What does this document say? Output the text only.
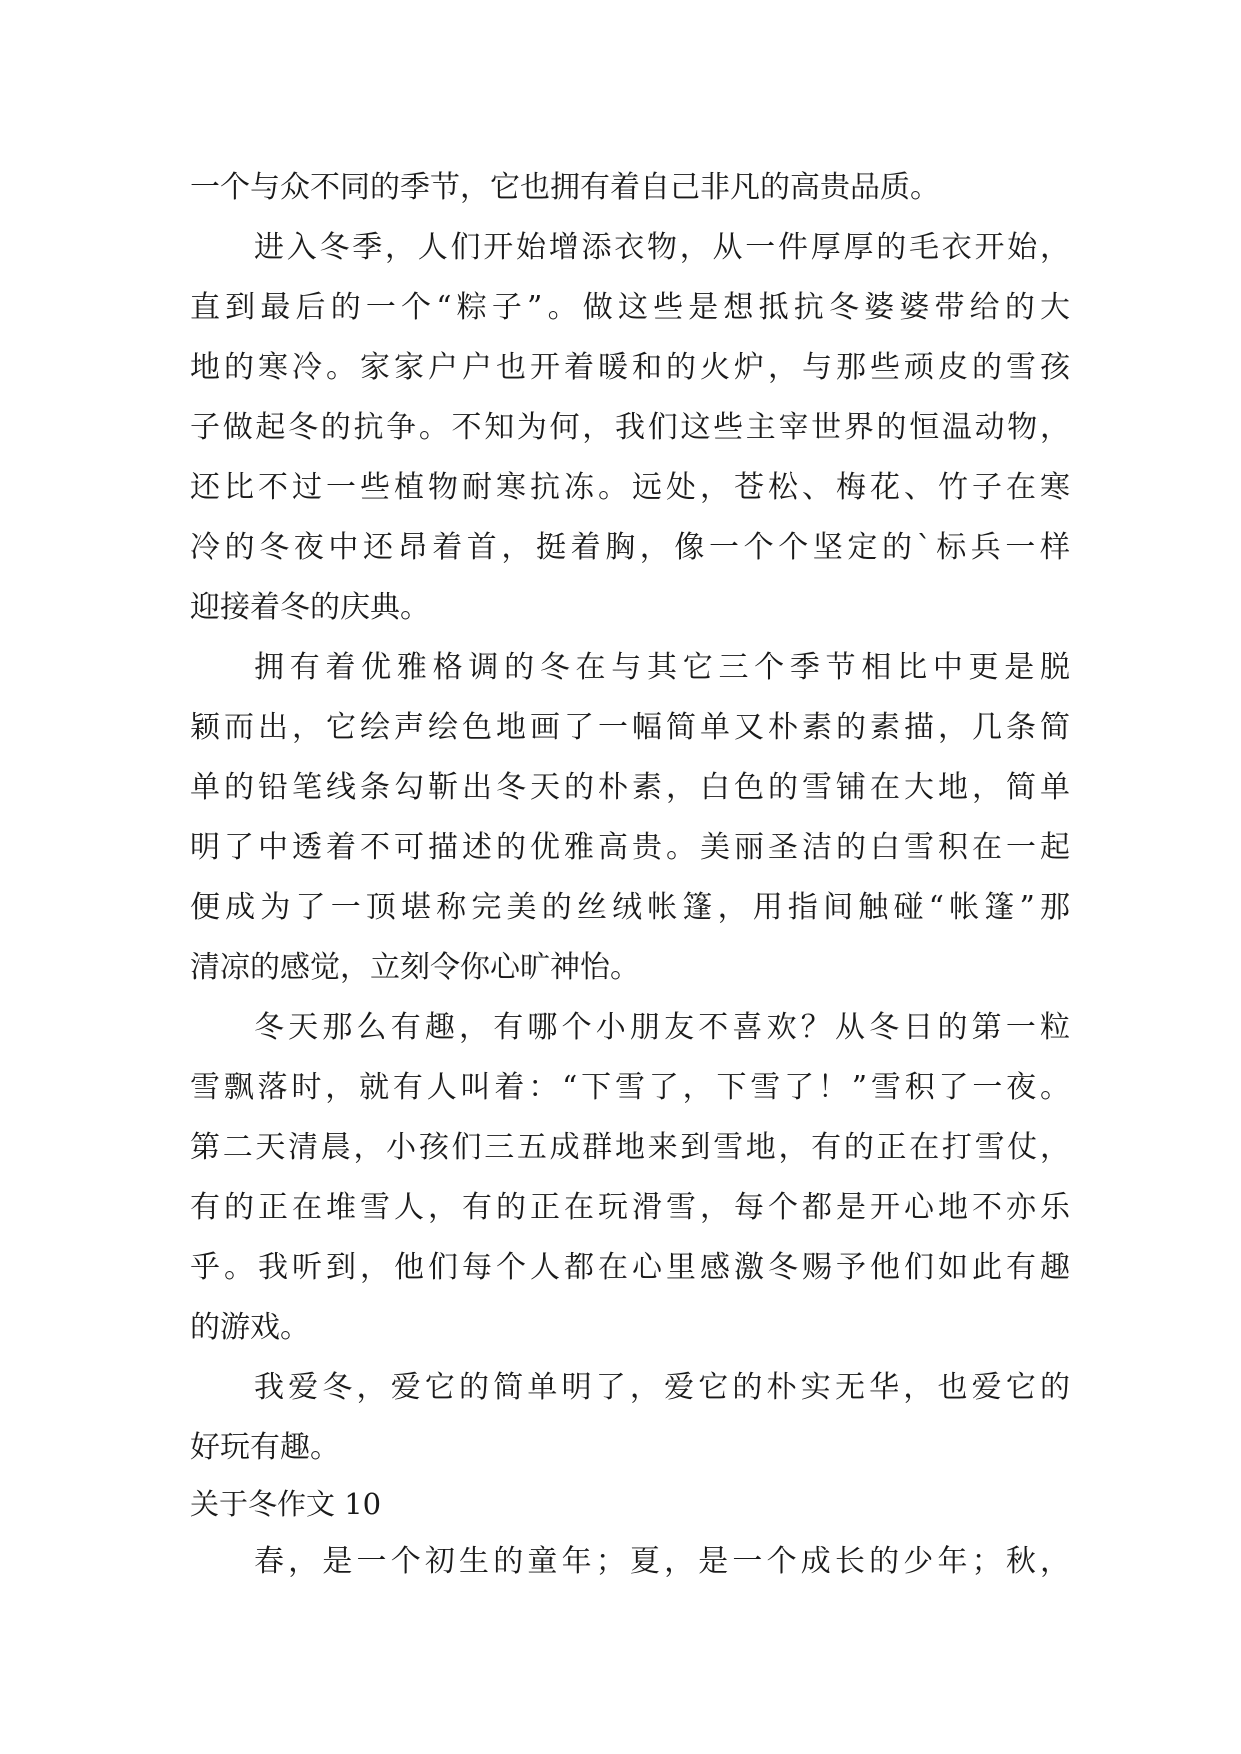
一个与众不同的季节，它也拥有着自己非凡的高贵品质。
进入冬季，人们开始增添衣物，从一件厚厚的毛衣开始，
直到最后的一个“粽子”。做这些是想抵抗冬婆婆带给的大
地的寒冷。家家户户也开着暖和的火炉，与那些顽皮的雪孩
子做起冬的抗争。不知为何，我们这些主宰世界的恒温动物，
还比不过一些植物耐寒抗冻。远处，苍松、梅花、竹子在寒
冷的冬夜中还昂着首，挺着胸，像一个个坚定的`标兵一样
迎接着冬的庆典。
拥有着优雅格调的冬在与其它三个季节相比中更是脱
颖而出，它绘声绘色地画了一幅简单又朴素的素描，几条简
单的铅笔线条勾靳出冬天的朴素，白色的雪铺在大地，简单
明了中透着不可描述的优雅高贵。美丽圣洁的白雪积在一起
便成为了一顶堪称完美的丝绒帐篷，用指间触碰“帐篷”那
清凉的感觉，立刻令你心旷神怡。
冬天那么有趣，有哪个小朋友不喜欢？从冬日的第一粒
雪飘落时，就有人叫着：“下雪了，下雪了！”雪积了一夜。
第二天清晨，小孩们三五成群地来到雪地，有的正在打雪仗，
有的正在堆雪人，有的正在玩滑雪，每个都是开心地不亦乐
乎。我听到，他们每个人都在心里感激冬赐予他们如此有趣
的游戏。
我爱冬，爱它的简单明了，爱它的朴实无华，也爱它的
好玩有趣。
关于冬作文 10
春，是一个初生的童年；夏，是一个成长的少年；秋，
